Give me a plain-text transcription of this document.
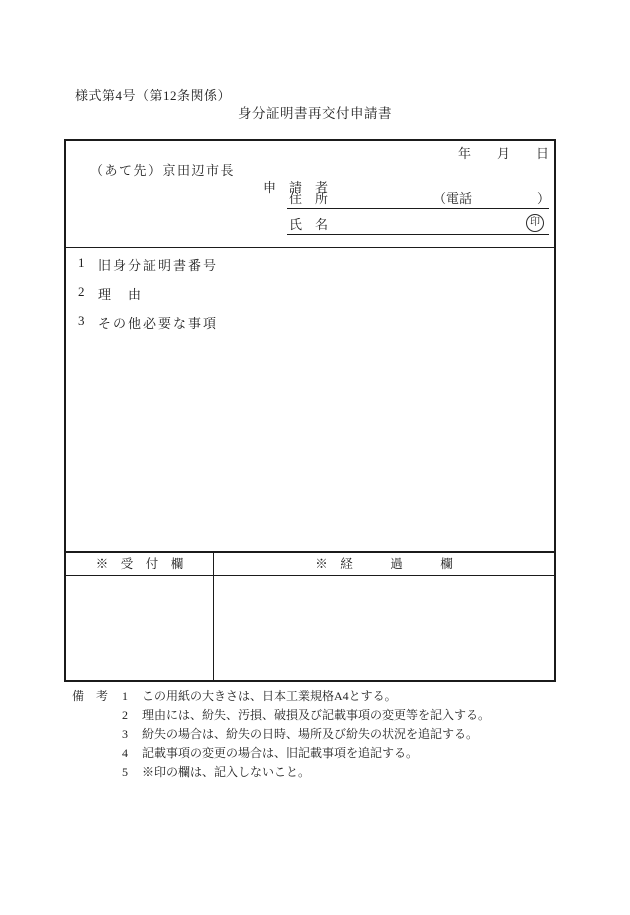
様式第4号（第12条関係）
身分証明書再交付申請書
年　　月　　日
（あて先）京田辺市長
申　請　者
住　所	（電話	）
氏　名	印
1	旧身分証明書番号
2	理　由
3	その他必要な事項
※　受　付　欄	※　経　　　過　　　欄
備　考	1	この用紙の大きさは、日本工業規格A4とする。
2	理由には、紛失、汚損、破損及び記載事項の変更等を記入する。
3	紛失の場合は、紛失の日時、場所及び紛失の状況を追記する。
4	記載事項の変更の場合は、旧記載事項を追記する。
5	※印の欄は、記入しないこと。
